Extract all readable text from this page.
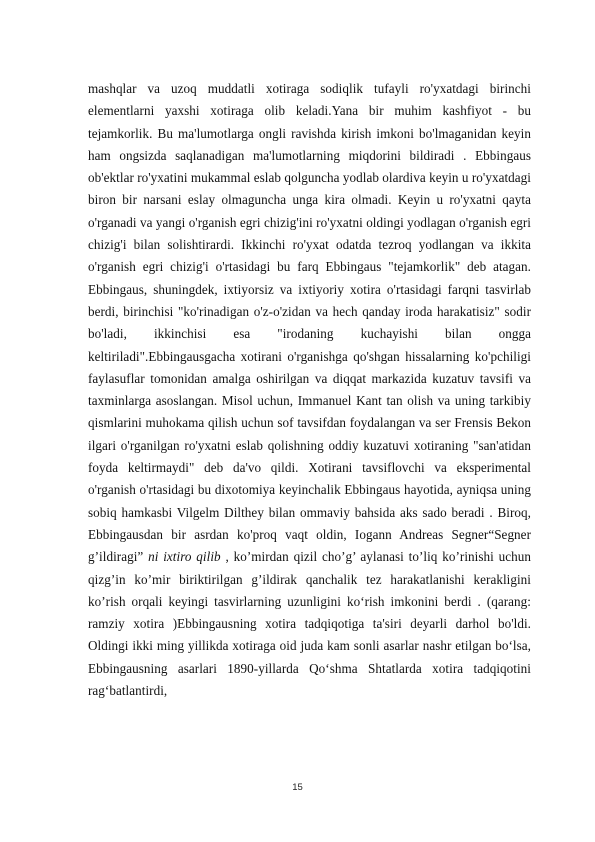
mashqlar va uzoq muddatli xotiraga sodiqlik tufayli ro'yxatdagi birinchi elementlarni yaxshi xotiraga olib keladi.Yana bir muhim kashfiyot - bu tejamkorlik. Bu ma'lumotlarga ongli ravishda kirish imkoni bo'lmaganidan keyin ham ongsizda saqlanadigan ma'lumotlarning miqdorini bildiradi . Ebbingaus ob'ektlar ro'yxatini mukammal eslab qolguncha yodlab olardiva keyin u ro'yxatdagi biron bir narsani eslay olmaguncha unga kira olmadi. Keyin u ro'yxatni qayta o'rganadi va yangi o'rganish egri chizig'ini ro'yxatni oldingi yodlagan o'rganish egri chizig'i bilan solishtirardi. Ikkinchi ro'yxat odatda tezroq yodlangan va ikkita o'rganish egri chizig'i o'rtasidagi bu farq Ebbingaus "tejamkorlik" deb atagan. Ebbingaus, shuningdek, ixtiyorsiz va ixtiyoriy xotira o'rtasidagi farqni tasvirlab berdi, birinchisi "ko'rinadigan o'z-o'zidan va hech qanday iroda harakatisiz" sodir bo'ladi, ikkinchisi esa "irodaning kuchayishi bilan ongga keltiriladi".Ebbingausgacha xotirani o'rganishga qo'shgan hissalarning ko'pchiligi faylasuflar tomonidan amalga oshirilgan va diqqat markazida kuzatuv tavsifi va taxminlarga asoslangan. Misol uchun, Immanuel Kant tan olish va uning tarkibiy qismlarini muhokama qilish uchun sof tavsifdan foydalangan va ser Frensis Bekon ilgari o'rganilgan ro'yxatni eslab qolishning oddiy kuzatuvi xotiraning "san'atidan foyda keltirmaydi" deb da'vo qildi. Xotirani tavsiflovchi va eksperimental o'rganish o'rtasidagi bu dixotomiya keyinchalik Ebbingaus hayotida, ayniqsa uning sobiq hamkasbi Vilgelm Dilthey bilan ommaviy bahsida aks sado beradi . Biroq, Ebbingausdan bir asrdan ko'proq vaqt oldin, Iogann Andreas Segner“Segner g’ildiragi” ni ixtiro qilib , ko’mirdan qizil cho’g’ aylanasi to’liq ko’rinishi uchun qizg’in ko’mir biriktirilgan g’ildirak qanchalik tez harakatlanishi kerakligini ko’rish orqali keyingi tasvirlarning uzunligini ko‘rish imkonini berdi . (qarang: ramziy xotira )Ebbingausning xotira tadqiqotiga ta'siri deyarli darhol bo'ldi. Oldingi ikki ming yillikda xotiraga oid juda kam sonli asarlar nashr etilgan bo‘lsa, Ebbingausning asarlari 1890-yillarda Qo‘shma Shtatlarda xotira tadqiqotini rag‘batlantirdi,

15
